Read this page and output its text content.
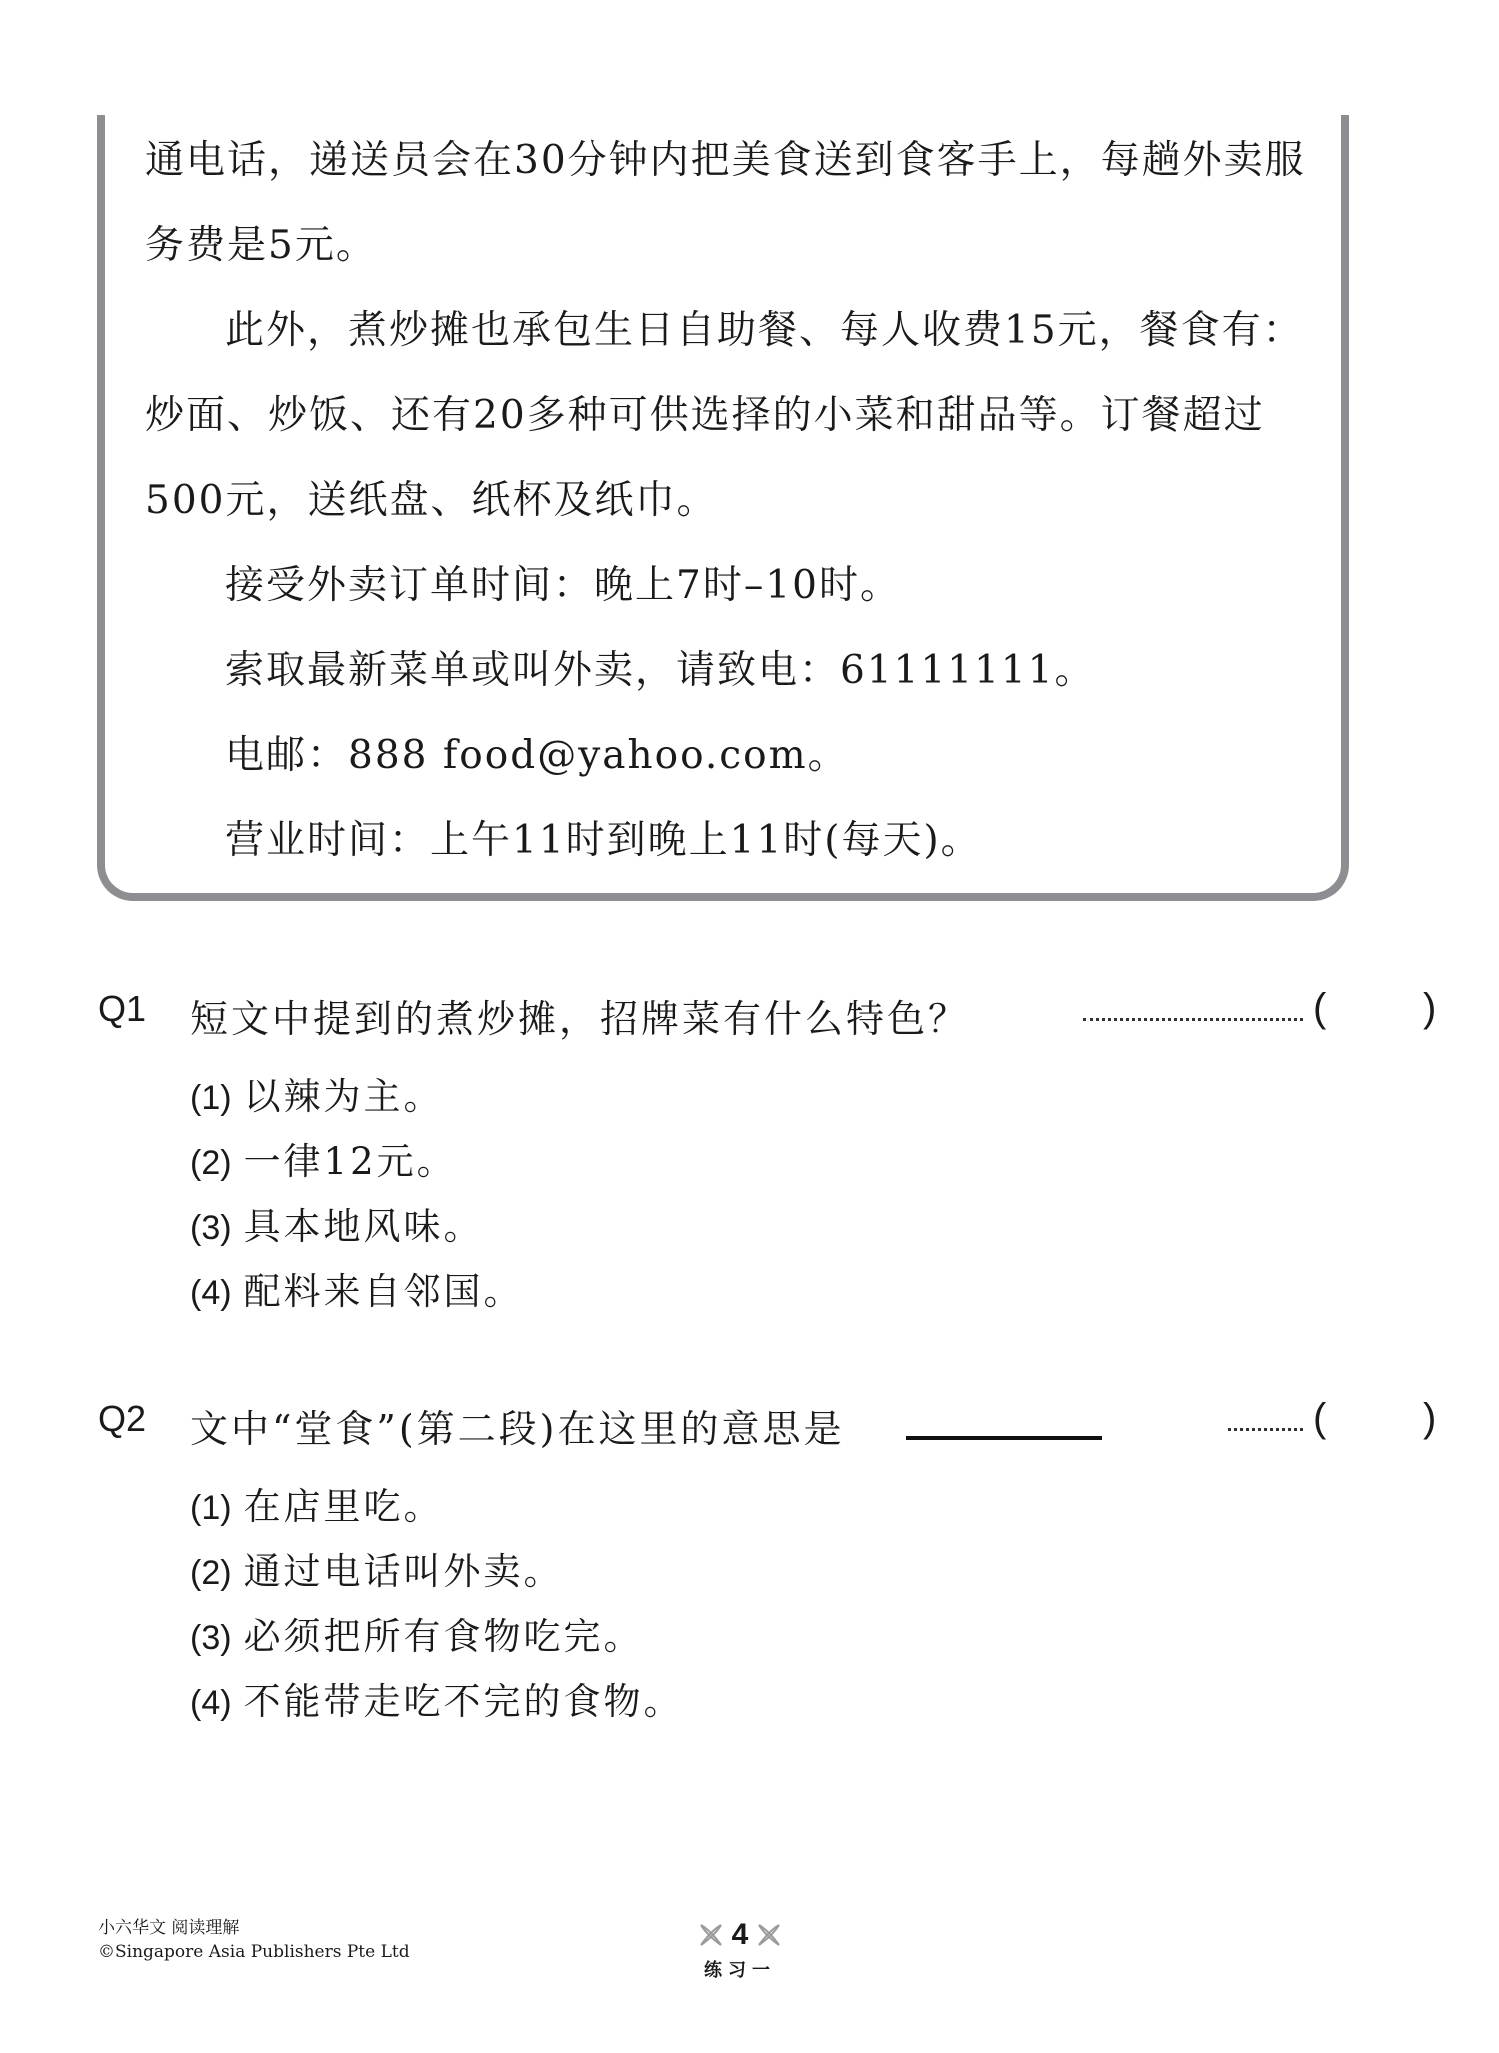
通电话，递送员会在30分钟内把美食送到食客手上，每趟外卖服
务费是5元。
此外，煮炒摊也承包生日自助餐、每人收费15元，餐食有：
炒面、炒饭、还有20多种可供选择的小菜和甜品等。订餐超过
500元，送纸盘、纸杯及纸巾。
接受外卖订单时间：晚上7时–10时。
索取最新菜单或叫外卖，请致电：61111111。
电邮：888 food@yahoo.com。
营业时间：上午11时到晚上11时(每天)。
Q1 短文中提到的煮炒摊，招牌菜有什么特色？	( )
(1) 以辣为主。
(2) 一律12元。
(3) 具本地风味。
(4) 配料来自邻国。
Q2 文中“堂食”(第二段)在这里的意思是	( )
(1) 在店里吃。
(2) 通过电话叫外卖。
(3) 必须把所有食物吃完。
(4) 不能带走吃不完的食物。
小六华文 阅读理解
©Singapore Asia Publishers Pte Ltd
4
练习一
